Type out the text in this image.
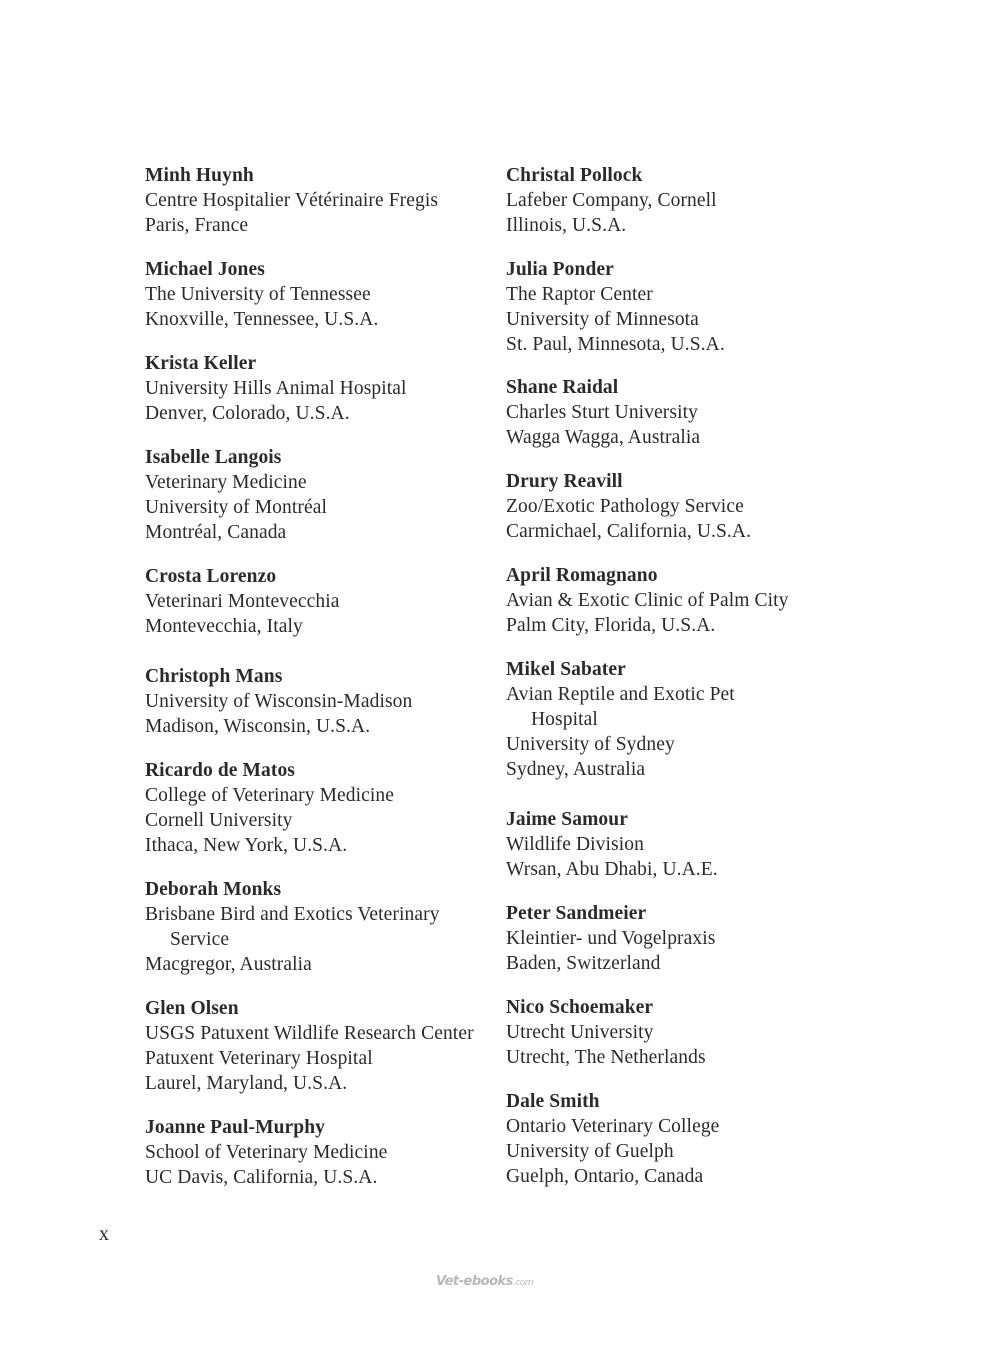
Minh Huynh
Centre Hospitalier Vétérinaire Fregis
Paris, France
Michael Jones
The University of Tennessee
Knoxville, Tennessee, U.S.A.
Krista Keller
University Hills Animal Hospital
Denver, Colorado, U.S.A.
Isabelle Langois
Veterinary Medicine
University of Montréal
Montréal, Canada
Crosta Lorenzo
Veterinari Montevecchia
Montevecchia, Italy
Christoph Mans
University of Wisconsin-Madison
Madison, Wisconsin, U.S.A.
Ricardo de Matos
College of Veterinary Medicine
Cornell University
Ithaca, New York, U.S.A.
Deborah Monks
Brisbane Bird and Exotics Veterinary
Service
Macgregor, Australia
Glen Olsen
USGS Patuxent Wildlife Research Center
Patuxent Veterinary Hospital
Laurel, Maryland, U.S.A.
Joanne Paul-Murphy
School of Veterinary Medicine
UC Davis, California, U.S.A.
Christal Pollock
Lafeber Company, Cornell
Illinois, U.S.A.
Julia Ponder
The Raptor Center
University of Minnesota
St. Paul, Minnesota, U.S.A.
Shane Raidal
Charles Sturt University
Wagga Wagga, Australia
Drury Reavill
Zoo/Exotic Pathology Service
Carmichael, California, U.S.A.
April Romagnano
Avian & Exotic Clinic of Palm City
Palm City, Florida, U.S.A.
Mikel Sabater
Avian Reptile and Exotic Pet
Hospital
University of Sydney
Sydney, Australia
Jaime Samour
Wildlife Division
Wrsan, Abu Dhabi, U.A.E.
Peter Sandmeier
Kleintier- und Vogelpraxis
Baden, Switzerland
Nico Schoemaker
Utrecht University
Utrecht, The Netherlands
Dale Smith
Ontario Veterinary College
University of Guelph
Guelph, Ontario, Canada
x
Vet-ebooks.com
